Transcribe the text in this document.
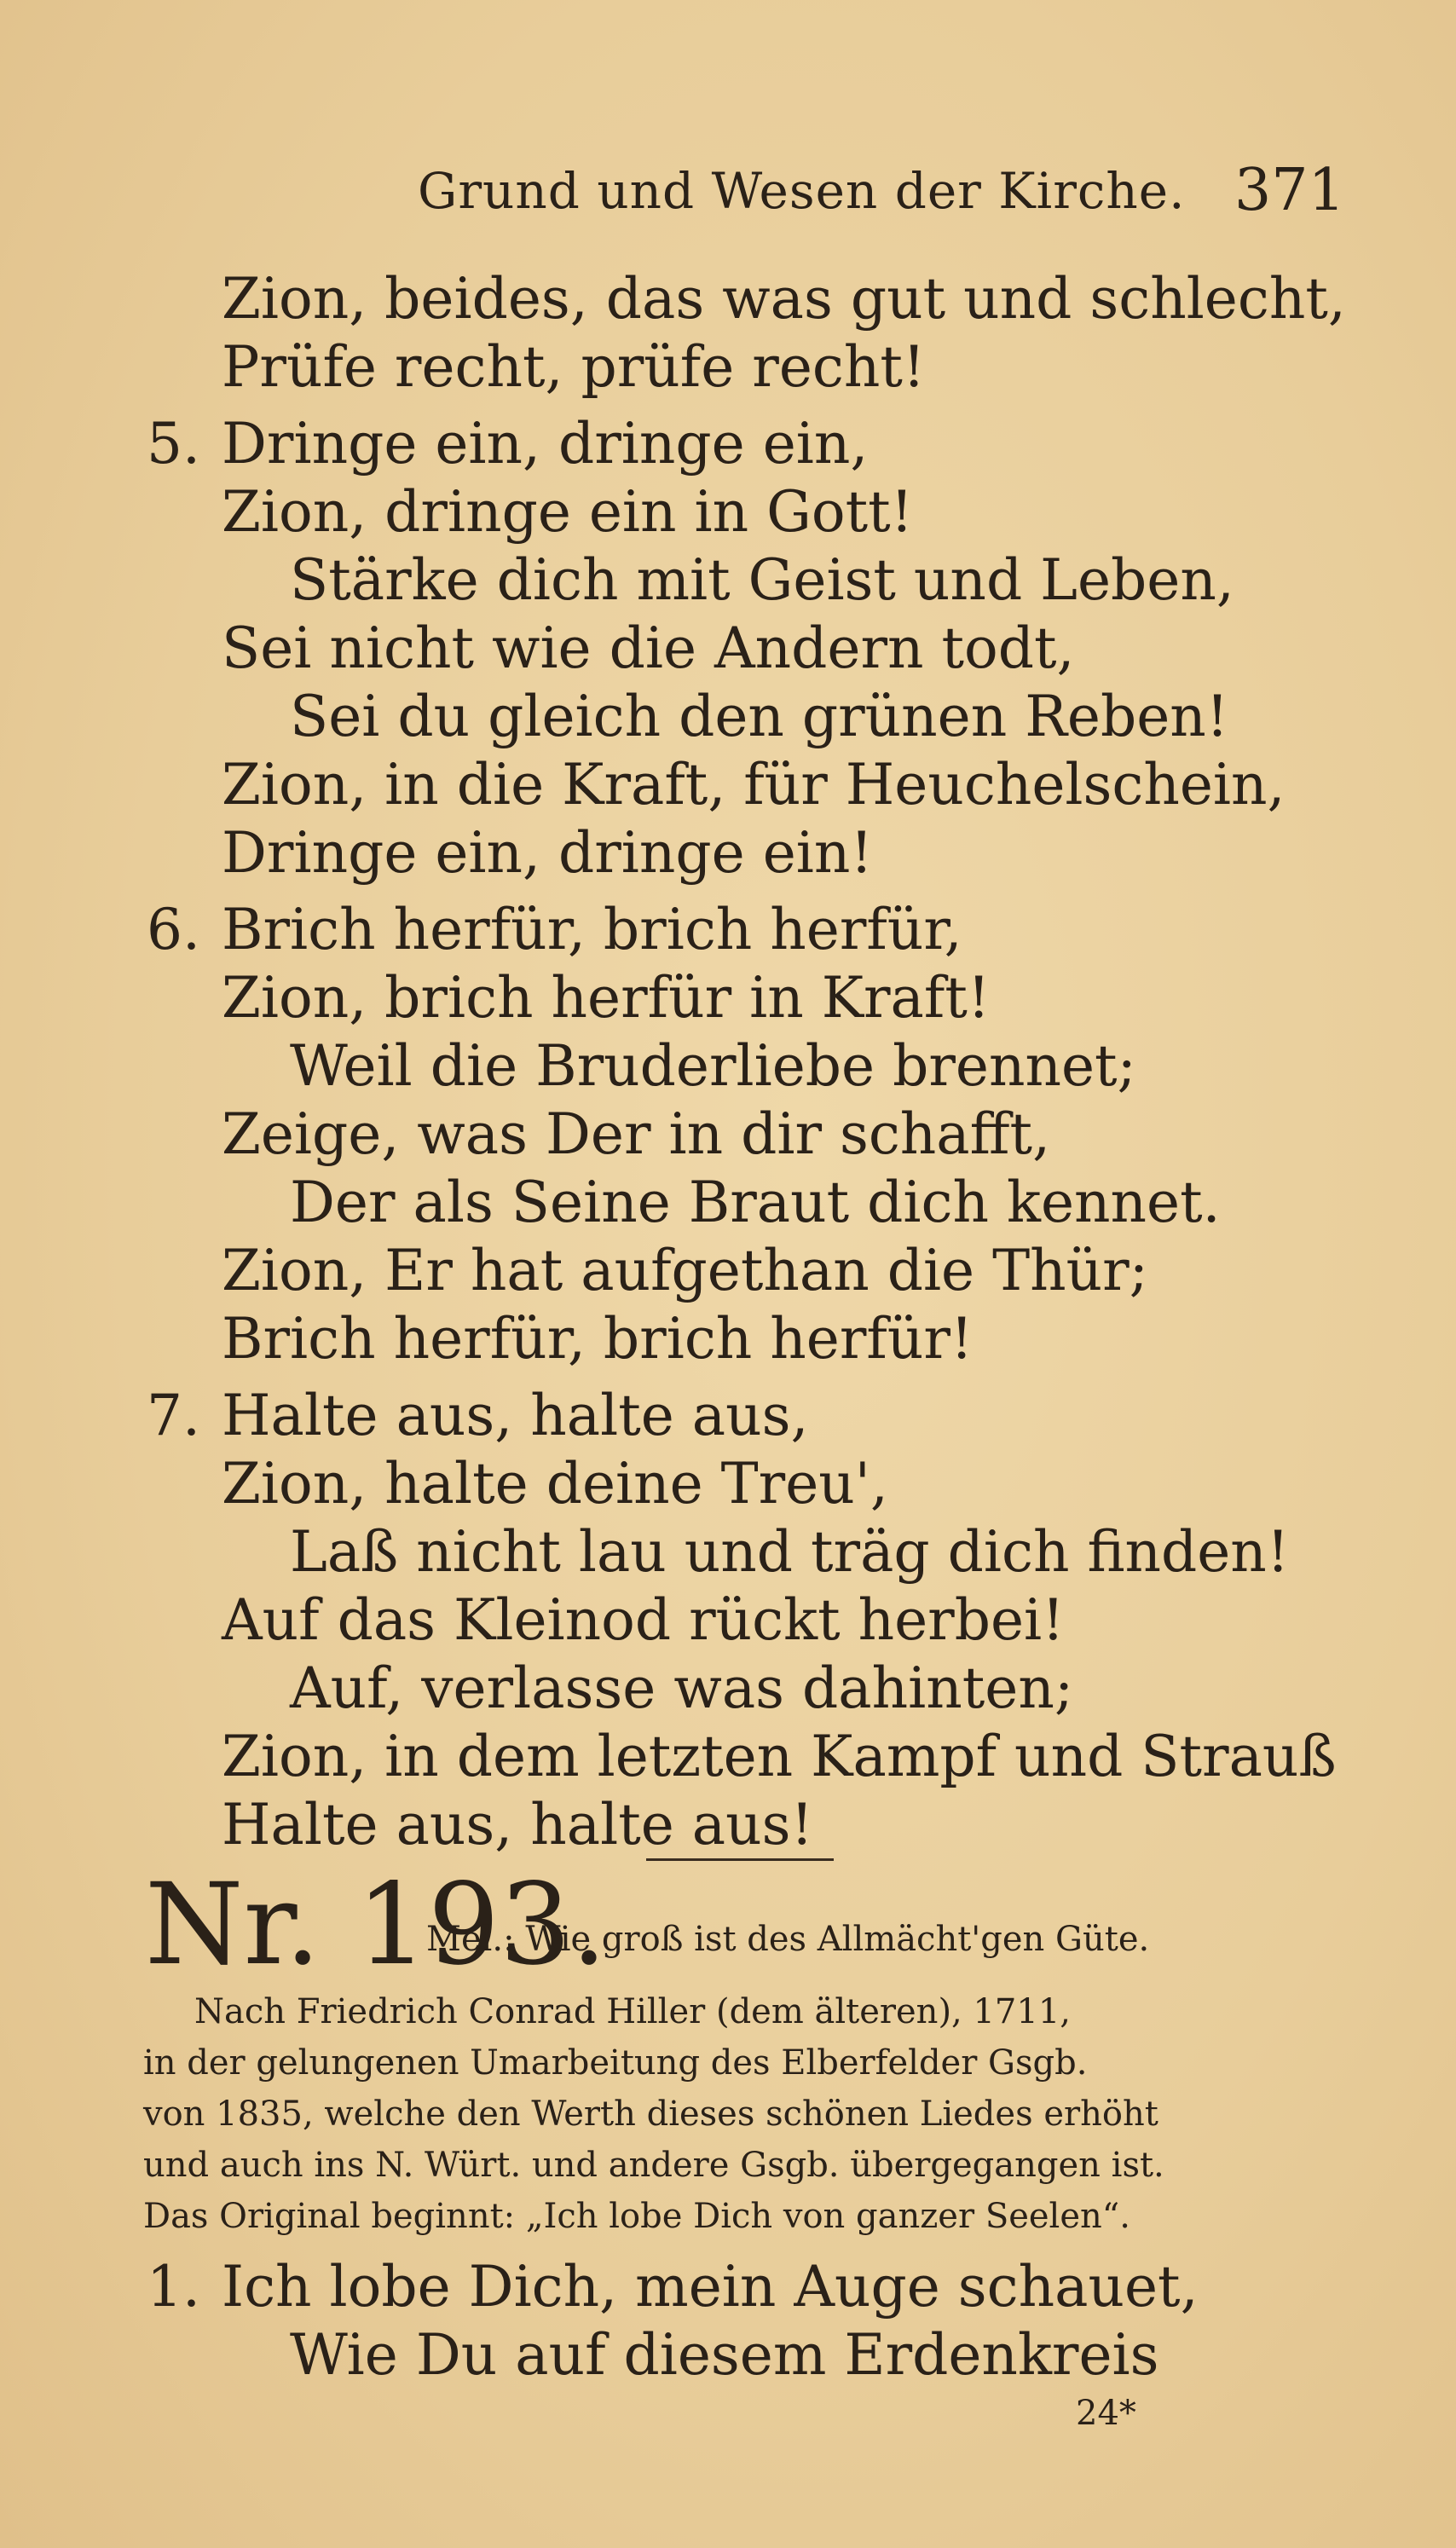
Grund und Wesen der Kirche. 371
Zion, beides, das was gut und schlecht,
Prüfe recht, prüfe recht!
5. Dringe ein, dringe ein,
Zion, dringe ein in Gott!
Stärke dich mit Geist und Leben,
Sei nicht wie die Andern todt,
Sei du gleich den grünen Reben!
Zion, in die Kraft, für Heuchelschein,
Dringe ein, dringe ein!
6. Brich herfür, brich herfür,
Zion, brich herfür in Kraft!
Weil die Bruderliebe brennet;
Zeige, was Der in dir schafft,
Der als Seine Braut dich kennet.
Zion, Er hat aufgethan die Thür;
Brich herfür, brich herfür!
7. Halte aus, halte aus,
Zion, halte deine Treu',
Laß nicht lau und träg dich finden!
Auf das Kleinod rückt herbei!
Auf, verlasse was dahinten;
Zion, in dem letzten Kampf und Strauß
Halte aus, halte aus!
Nr. 193.
Mel.: Wie groß ist des Allmächt'gen Güte.
Nach Friedrich Conrad Hiller (dem älteren), 1711,
in der gelungenen Umarbeitung des Elberfelder Gsgb.
von 1835, welche den Werth dieses schönen Liedes erhöht
und auch ins N. Würt. und andere Gsgb. übergegangen ist.
Das Original beginnt: „Ich lobe Dich von ganzer Seelen“.
1. Ich lobe Dich, mein Auge schauet,
Wie Du auf diesem Erdenkreis
24*
